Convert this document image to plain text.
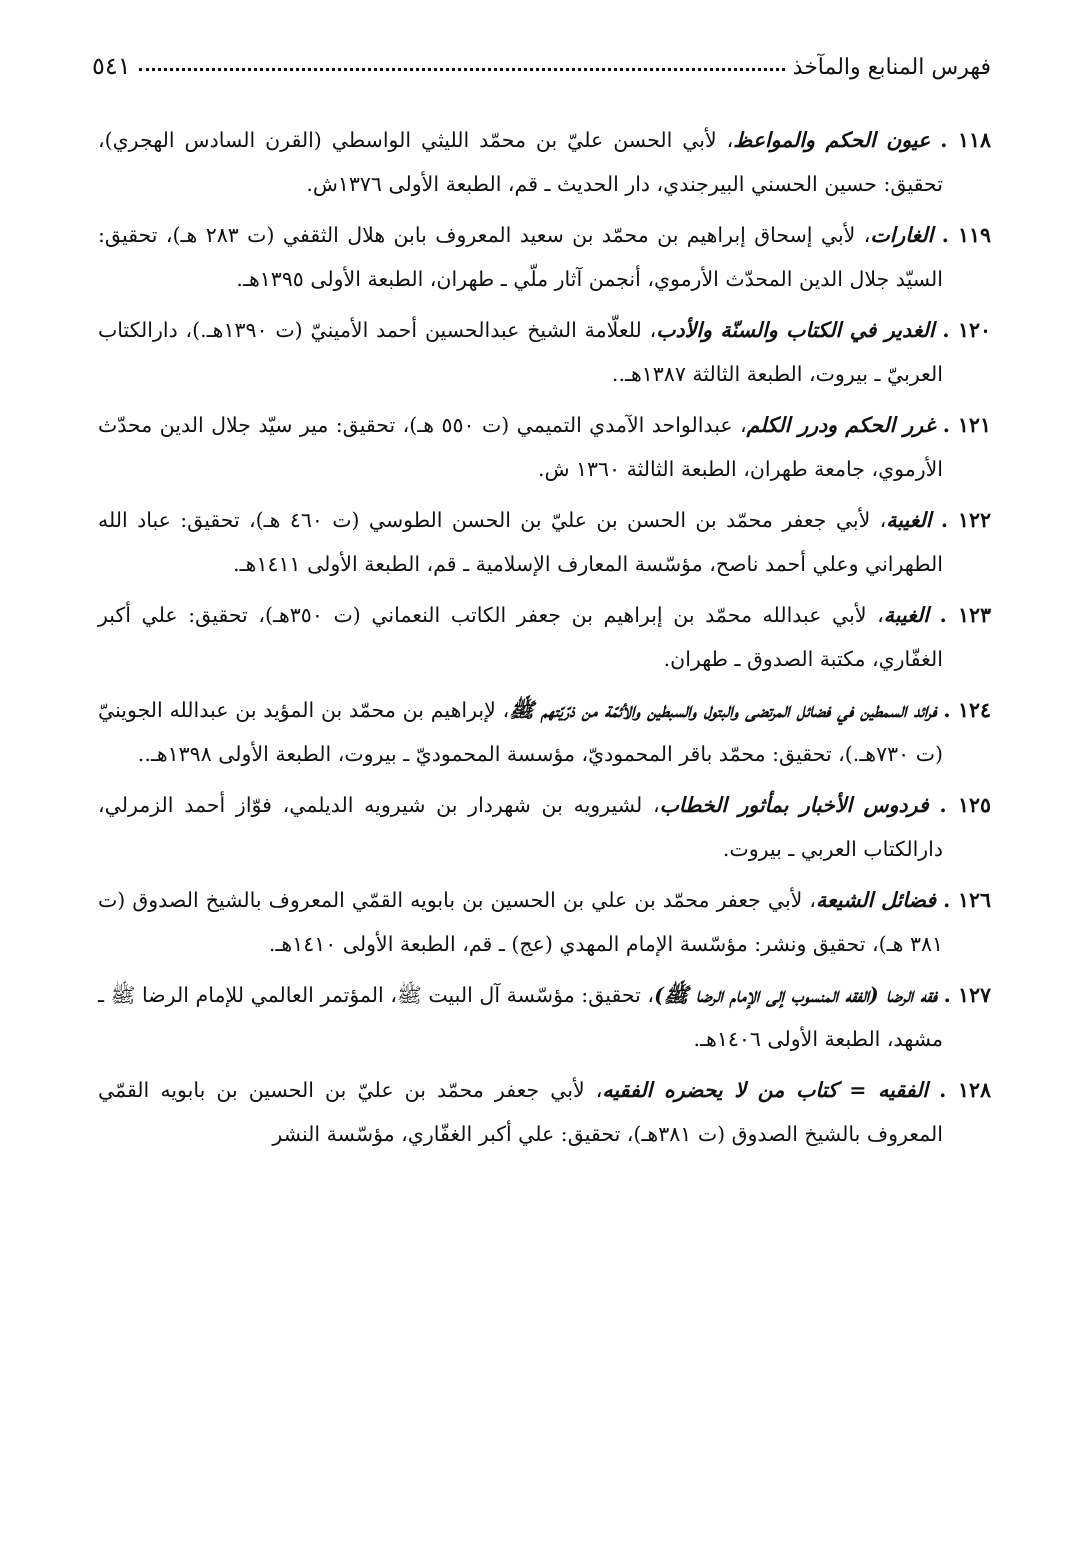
فهرس المنابع والمآخذ
٥٤١

١١٨ . عيون الحكم والمواعظ، لأبي الحسن عليّ بن محمّد الليثي الواسطي (القرن السادس الهجري)، تحقيق: حسين الحسني البيرجندي، دار الحديث ـ قم، الطبعة الأولى ١٣٧٦ش.

١١٩ . الغارات، لأبي إسحاق إبراهيم بن محمّد بن سعيد المعروف بابن هلال الثقفي (ت ٢٨٣ هـ)، تحقيق: السيّد جلال الدين المحدّث الأرموي، أنجمن آثار ملّي ـ طهران، الطبعة الأولى ١٣٩٥هـ.

١٢٠ . الغدير في الكتاب والسنّة والأدب، للعلّامة الشيخ عبدالحسين أحمد الأمينيّ (ت ١٣٩٠هـ.)، دارالكتاب العربيّ ـ بيروت، الطبعة الثالثة ١٣٨٧هـ..

١٢١ . غرر الحكم ودرر الكلم، عبدالواحد الآمدي التميمي (ت ٥٥٠ هـ)، تحقيق: مير سيّد جلال الدين محدّث الأرموي، جامعة طهران، الطبعة الثالثة ١٣٦٠ ش.

١٢٢ . الغيبة، لأبي جعفر محمّد بن الحسن بن عليّ بن الحسن الطوسي (ت ٤٦٠ هـ)، تحقيق: عباد الله الطهراني وعلي أحمد ناصح، مؤسّسة المعارف الإسلامية ـ قم، الطبعة الأولى ١٤١١هـ.

١٢٣ . الغيبة، لأبي عبدالله محمّد بن إبراهيم بن جعفر الكاتب النعماني (ت ٣٥٠هـ)، تحقيق: علي أكبر الغفّاري، مكتبة الصدوق ـ طهران.

١٢٤ . فرائد السمطين في فضائل المرتضى والبتول والسبطين والأئمّة من ذرّيّتهم ﷺ، لإبراهيم بن محمّد بن المؤيد بن عبدالله الجوينيّ (ت ٧٣٠هـ.)، تحقيق: محمّد باقر المحموديّ، مؤسسة المحموديّ ـ بيروت، الطبعة الأولى ١٣٩٨هـ..

١٢٥ . فردوس الأخبار بمأثور الخطاب، لشيرويه بن شهردار بن شيرويه الديلمي، فوّاز أحمد الزمرلي، دارالكتاب العربي ـ بيروت.

١٢٦ . فضائل الشيعة، لأبي جعفر محمّد بن علي بن الحسين بن بابويه القمّي المعروف بالشيخ الصدوق (ت ٣٨١ هـ)، تحقيق ونشر: مؤسّسة الإمام المهدي (عج) ـ قم، الطبعة الأولى ١٤١٠هـ.

١٢٧ . فقه الرضا (الفقه المنسوب إلى الإمام الرضا ﷺ)، تحقيق: مؤسّسة آل البيت ﷺ، المؤتمر العالمي للإمام الرضا ﷺ ـ مشهد، الطبعة الأولى ١٤٠٦هـ.

١٢٨ . الفقيه = كتاب من لا يحضره الفقيه، لأبي جعفر محمّد بن عليّ بن الحسين بن بابويه القمّي المعروف بالشيخ الصدوق (ت ٣٨١هـ)، تحقيق: علي أكبر الغفّاري، مؤسّسة النشر
